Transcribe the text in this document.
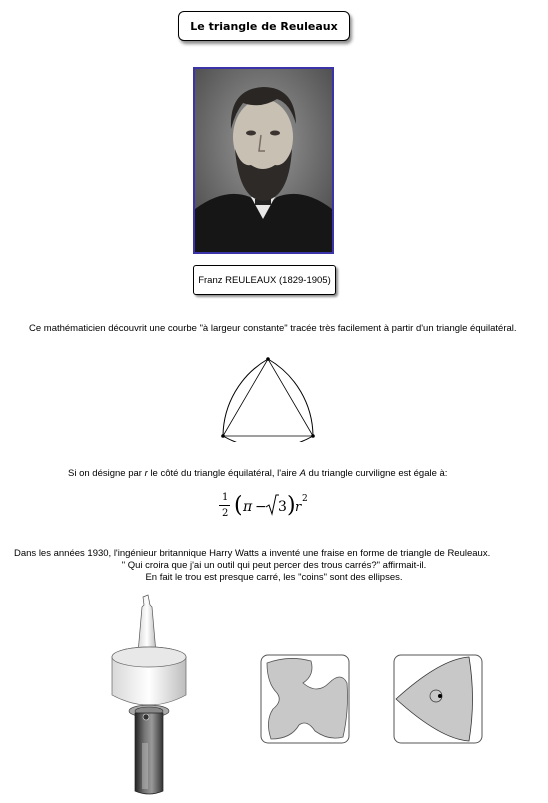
Le triangle de Reuleaux
Franz REULEAUX (1829-1905)
Ce mathématicien découvrit une courbe "à largeur constante" tracée très facilement à partir d'un triangle équilatéral.
Si on désigne par r le côté du triangle équilatéral, l'aire A du triangle curviligne est égale à:
1
2 ( π − 3 ) r
2
Dans les années 1930, l'ingénieur britannique Harry Watts a inventé une fraise en forme de triangle de Reuleaux.
" Qui croira que j'ai un outil qui peut percer des trous carrés?" affirmait-il.
En fait le trou est presque carré, les "coins" sont des ellipses.
